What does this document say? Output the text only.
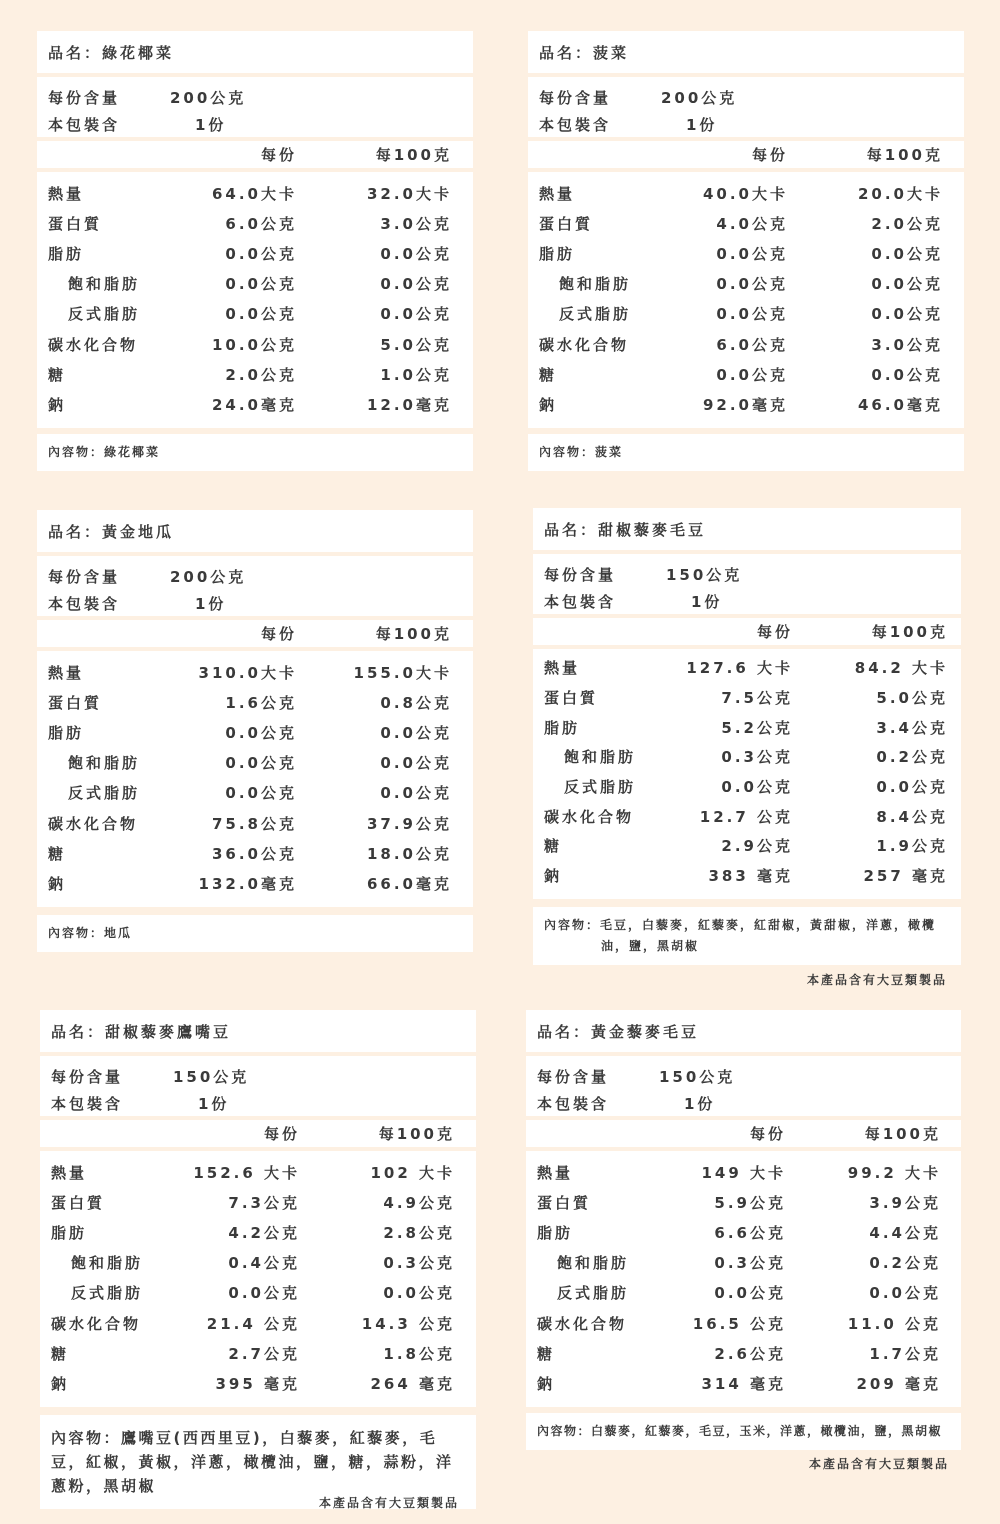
品名：綠花椰菜
每份含量	200公克
本包裝含	1份
每份	每100克
熱量	64.0大卡	32.0大卡
蛋白質	6.0公克	3.0公克
脂肪	0.0公克	0.0公克
飽和脂肪	0.0公克	0.0公克
反式脂肪	0.0公克	0.0公克
碳水化合物	10.0公克	5.0公克
糖	2.0公克	1.0公克
鈉	24.0毫克	12.0毫克
內容物：綠花椰菜
品名：菠菜
每份含量	200公克
本包裝含	1份
每份	每100克
熱量	40.0大卡	20.0大卡
蛋白質	4.0公克	2.0公克
脂肪	0.0公克	0.0公克
飽和脂肪	0.0公克	0.0公克
反式脂肪	0.0公克	0.0公克
碳水化合物	6.0公克	3.0公克
糖	0.0公克	0.0公克
鈉	92.0毫克	46.0毫克
內容物：菠菜
品名：黃金地瓜
每份含量	200公克
本包裝含	1份
每份	每100克
熱量	310.0大卡	155.0大卡
蛋白質	1.6公克	0.8公克
脂肪	0.0公克	0.0公克
飽和脂肪	0.0公克	0.0公克
反式脂肪	0.0公克	0.0公克
碳水化合物	75.8公克	37.9公克
糖	36.0公克	18.0公克
鈉	132.0毫克	66.0毫克
內容物：地瓜
品名：甜椒藜麥毛豆
每份含量	150公克
本包裝含	1份
每份	每100克
熱量	127.6 大卡	84.2 大卡
蛋白質	7.5公克	5.0公克
脂肪	5.2公克	3.4公克
飽和脂肪	0.3公克	0.2公克
反式脂肪	0.0公克	0.0公克
碳水化合物	12.7 公克	8.4公克
糖	2.9公克	1.9公克
鈉	383 毫克	257 毫克
內容物：毛豆，白藜麥，紅藜麥，紅甜椒，黃甜椒，洋蔥，橄欖油，鹽，黑胡椒
本產品含有大豆類製品
品名：甜椒藜麥鷹嘴豆
每份含量	150公克
本包裝含	1份
每份	每100克
熱量	152.6 大卡	102 大卡
蛋白質	7.3公克	4.9公克
脂肪	4.2公克	2.8公克
飽和脂肪	0.4公克	0.3公克
反式脂肪	0.0公克	0.0公克
碳水化合物	21.4 公克	14.3 公克
糖	2.7公克	1.8公克
鈉	395 毫克	264 毫克
內容物：鷹嘴豆(西西里豆)，白藜麥，紅藜麥，毛豆，紅椒，黃椒，洋蔥，橄欖油，鹽，糖，蒜粉，洋蔥粉，黑胡椒
本產品含有大豆類製品
品名：黃金藜麥毛豆
每份含量	150公克
本包裝含	1份
每份	每100克
熱量	149 大卡	99.2 大卡
蛋白質	5.9公克	3.9公克
脂肪	6.6公克	4.4公克
飽和脂肪	0.3公克	0.2公克
反式脂肪	0.0公克	0.0公克
碳水化合物	16.5 公克	11.0 公克
糖	2.6公克	1.7公克
鈉	314 毫克	209 毫克
內容物：白藜麥，紅藜麥，毛豆，玉米，洋蔥，橄欖油，鹽，黑胡椒
本產品含有大豆類製品
